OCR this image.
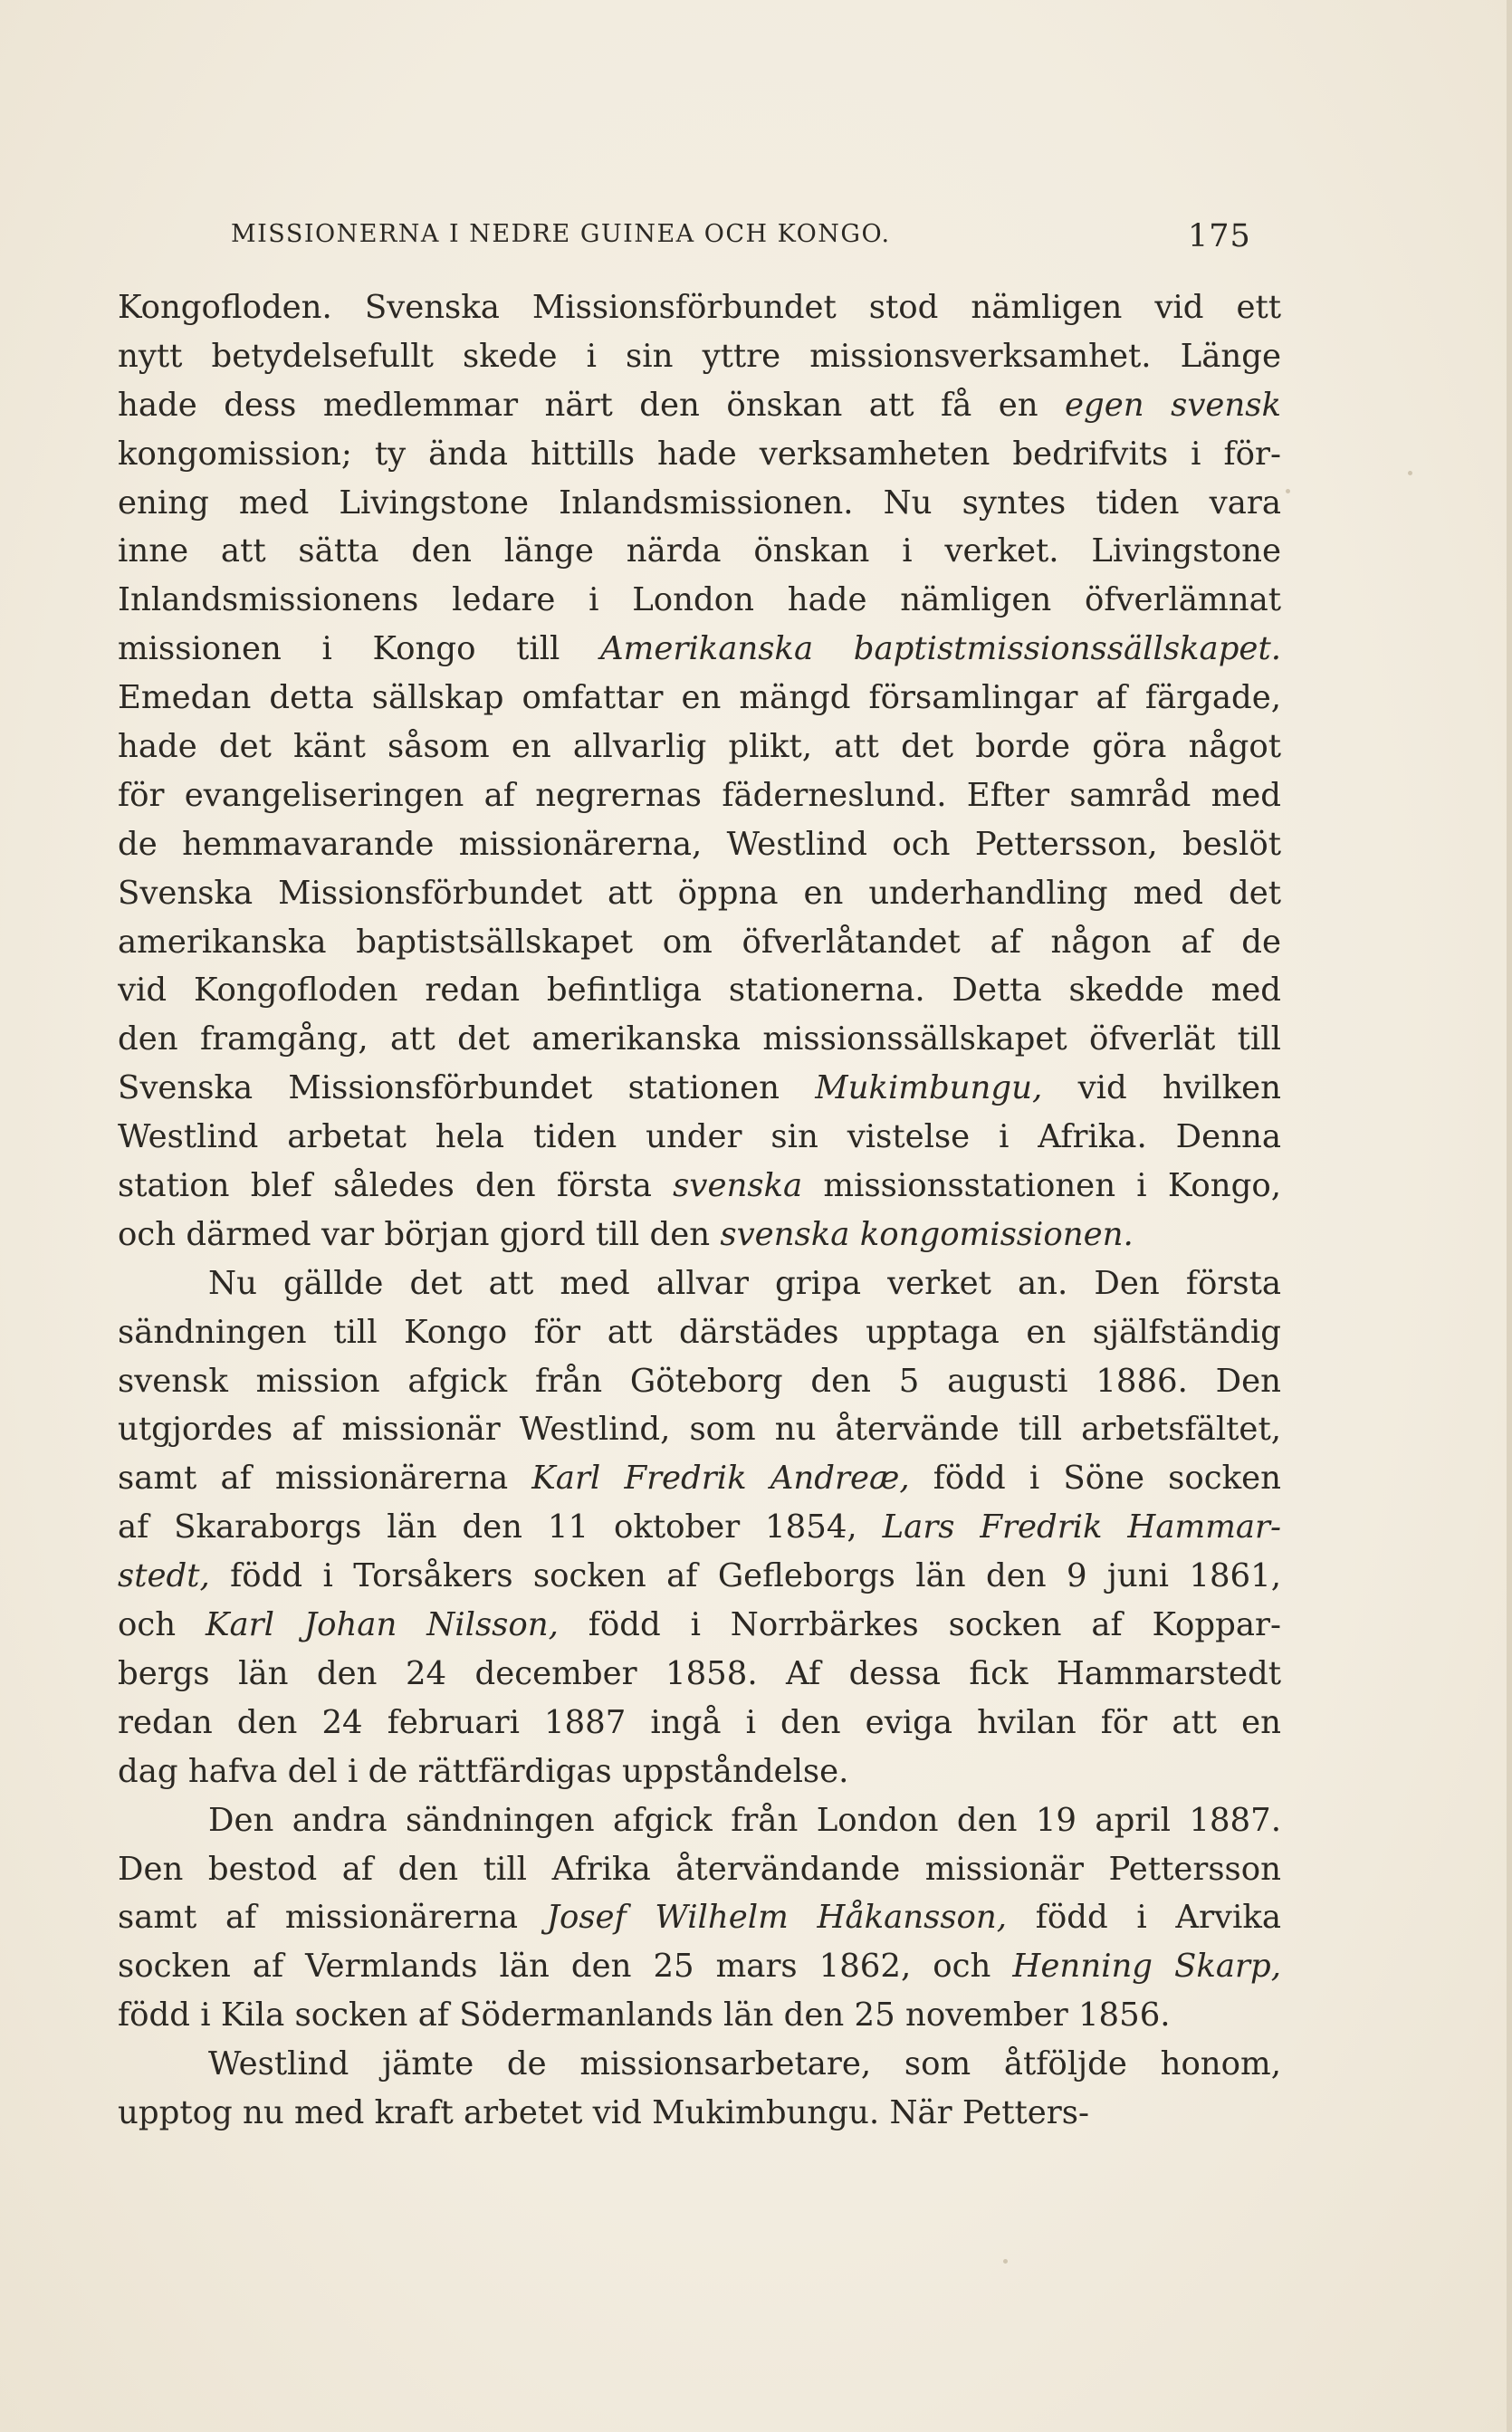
MISSIONERNA I NEDRE GUINEA OCH KONGO.	175
Kongofloden. Svenska Missionsförbundet stod nämligen vid ett
nytt betydelsefullt skede i sin yttre missionsverksamhet. Länge
hade dess medlemmar närt den önskan att få en egen svensk
kongomission; ty ända hittills hade verksamheten bedrifvits i för-
ening med Livingstone Inlandsmissionen. Nu syntes tiden vara
inne att sätta den länge närda önskan i verket. Livingstone
Inlandsmissionens ledare i London hade nämligen öfverlämnat
missionen i Kongo till Amerikanska baptistmissionssällskapet.
Emedan detta sällskap omfattar en mängd församlingar af färgade,
hade det känt såsom en allvarlig plikt, att det borde göra något
för evangeliseringen af negrernas fäderneslund. Efter samråd med
de hemmavarande missionärerna, Westlind och Pettersson, beslöt
Svenska Missionsförbundet att öppna en underhandling med det
amerikanska baptistsällskapet om öfverlåtandet af någon af de
vid Kongofloden redan befintliga stationerna. Detta skedde med
den framgång, att det amerikanska missionssällskapet öfverlät till
Svenska Missionsförbundet stationen Mukimbungu, vid hvilken
Westlind arbetat hela tiden under sin vistelse i Afrika. Denna
station blef således den första svenska missionsstationen i Kongo,
och därmed var början gjord till den svenska kongomissionen.
Nu gällde det att med allvar gripa verket an. Den första
sändningen till Kongo för att därstädes upptaga en själfständig
svensk mission afgick från Göteborg den 5 augusti 1886. Den
utgjordes af missionär Westlind, som nu återvände till arbetsfältet,
samt af missionärerna Karl Fredrik Andreæ, född i Söne socken
af Skaraborgs län den 11 oktober 1854, Lars Fredrik Hammar-
stedt, född i Torsåkers socken af Gefleborgs län den 9 juni 1861,
och Karl Johan Nilsson, född i Norrbärkes socken af Koppar-
bergs län den 24 december 1858. Af dessa fick Hammarstedt
redan den 24 februari 1887 ingå i den eviga hvilan för att en
dag hafva del i de rättfärdigas uppståndelse.
Den andra sändningen afgick från London den 19 april 1887.
Den bestod af den till Afrika återvändande missionär Pettersson
samt af missionärerna Josef Wilhelm Håkansson, född i Arvika
socken af Vermlands län den 25 mars 1862, och Henning Skarp,
född i Kila socken af Södermanlands län den 25 november 1856.
Westlind jämte de missionsarbetare, som åtföljde honom,
upptog nu med kraft arbetet vid Mukimbungu. När Petters-
